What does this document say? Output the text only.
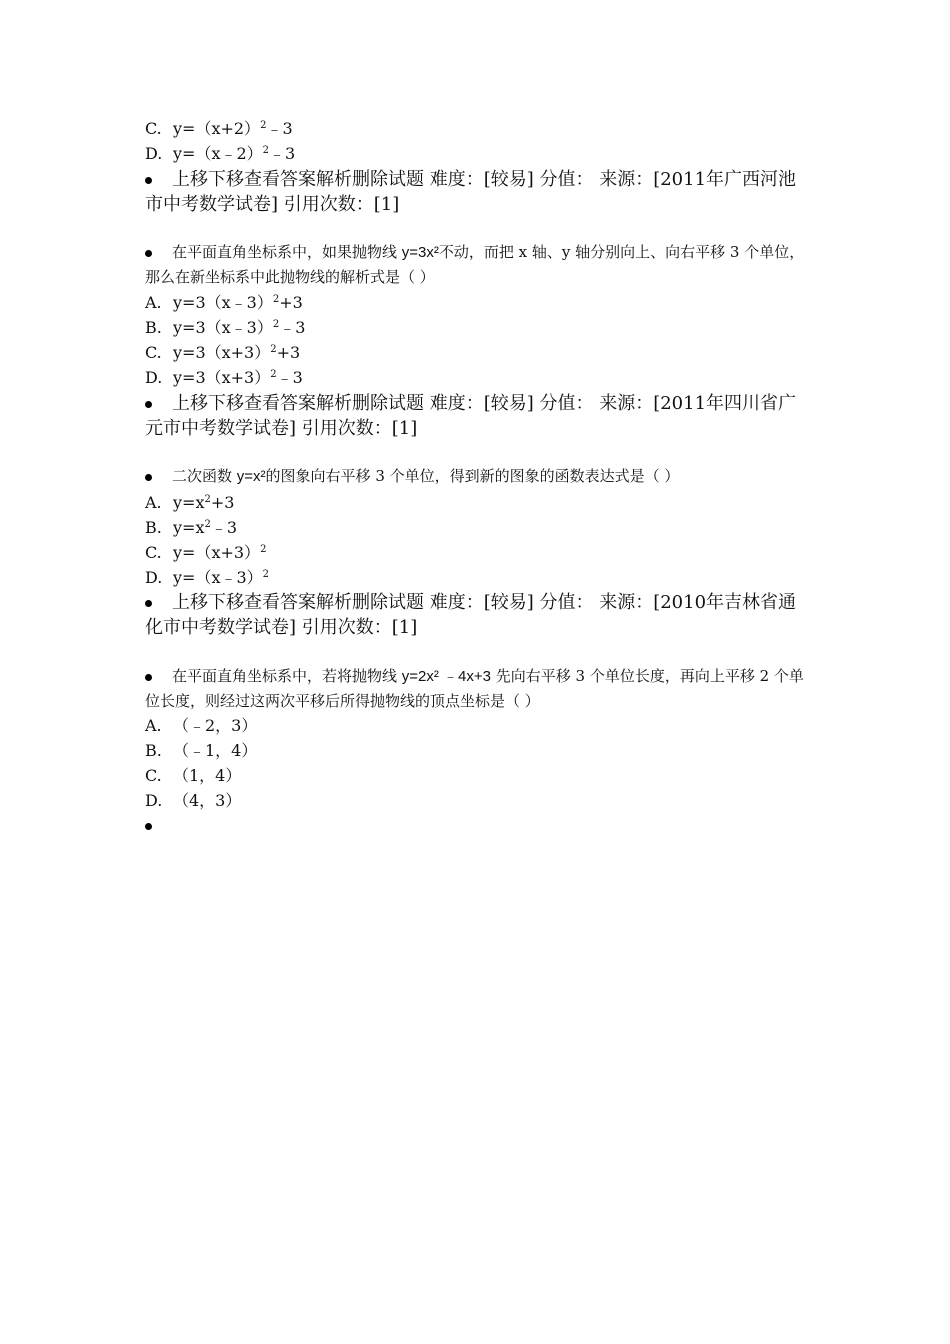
C. $y=(x+2)^2﹣3$
D. y=（x﹣2）$^2$﹣3
上移下移查看答案解析删除试题 难度：[较易] 分值： 来源：[2011年广西河池市中考数学试卷] 引用次数：[1]
在平面直角坐标系中，如果抛物线 y=3x²不动，而把 x 轴、y 轴分别向上、向右平移 3 个单位，那么在新坐标系中此抛物线的解析式是（ ）
A. y=3（x﹣3）$^2$+3
B. y=3（x﹣3）$^2$﹣3
C. $y=3(x+3)^2+3$
D. $y=3(x+3)^2﹣3$
上移下移查看答案解析删除试题 难度：[较易] 分值： 来源：[2011年四川省广元市中考数学试卷] 引用次数：[1]
二次函数 y=x²的图象向右平移 3 个单位，得到新的图象的函数表达式是（ ）
A. $y=x^2+3$
B. $y=x^2﹣3$
C. $y=(x+3)^2$
D. y=（x﹣3）$^2$
上移下移查看答案解析删除试题 难度：[较易] 分值： 来源：[2010年吉林省通化市中考数学试卷] 引用次数：[1]
在平面直角坐标系中，若将抛物线 y=2x² ﹣4x+3 先向右平移 3 个单位长度，再向上平移 2 个单位长度，则经过这两次平移后所得抛物线的顶点坐标是（ ）
A. （﹣2，3）
B. （﹣1，4）
C. （1，4）
D. （4，3）
